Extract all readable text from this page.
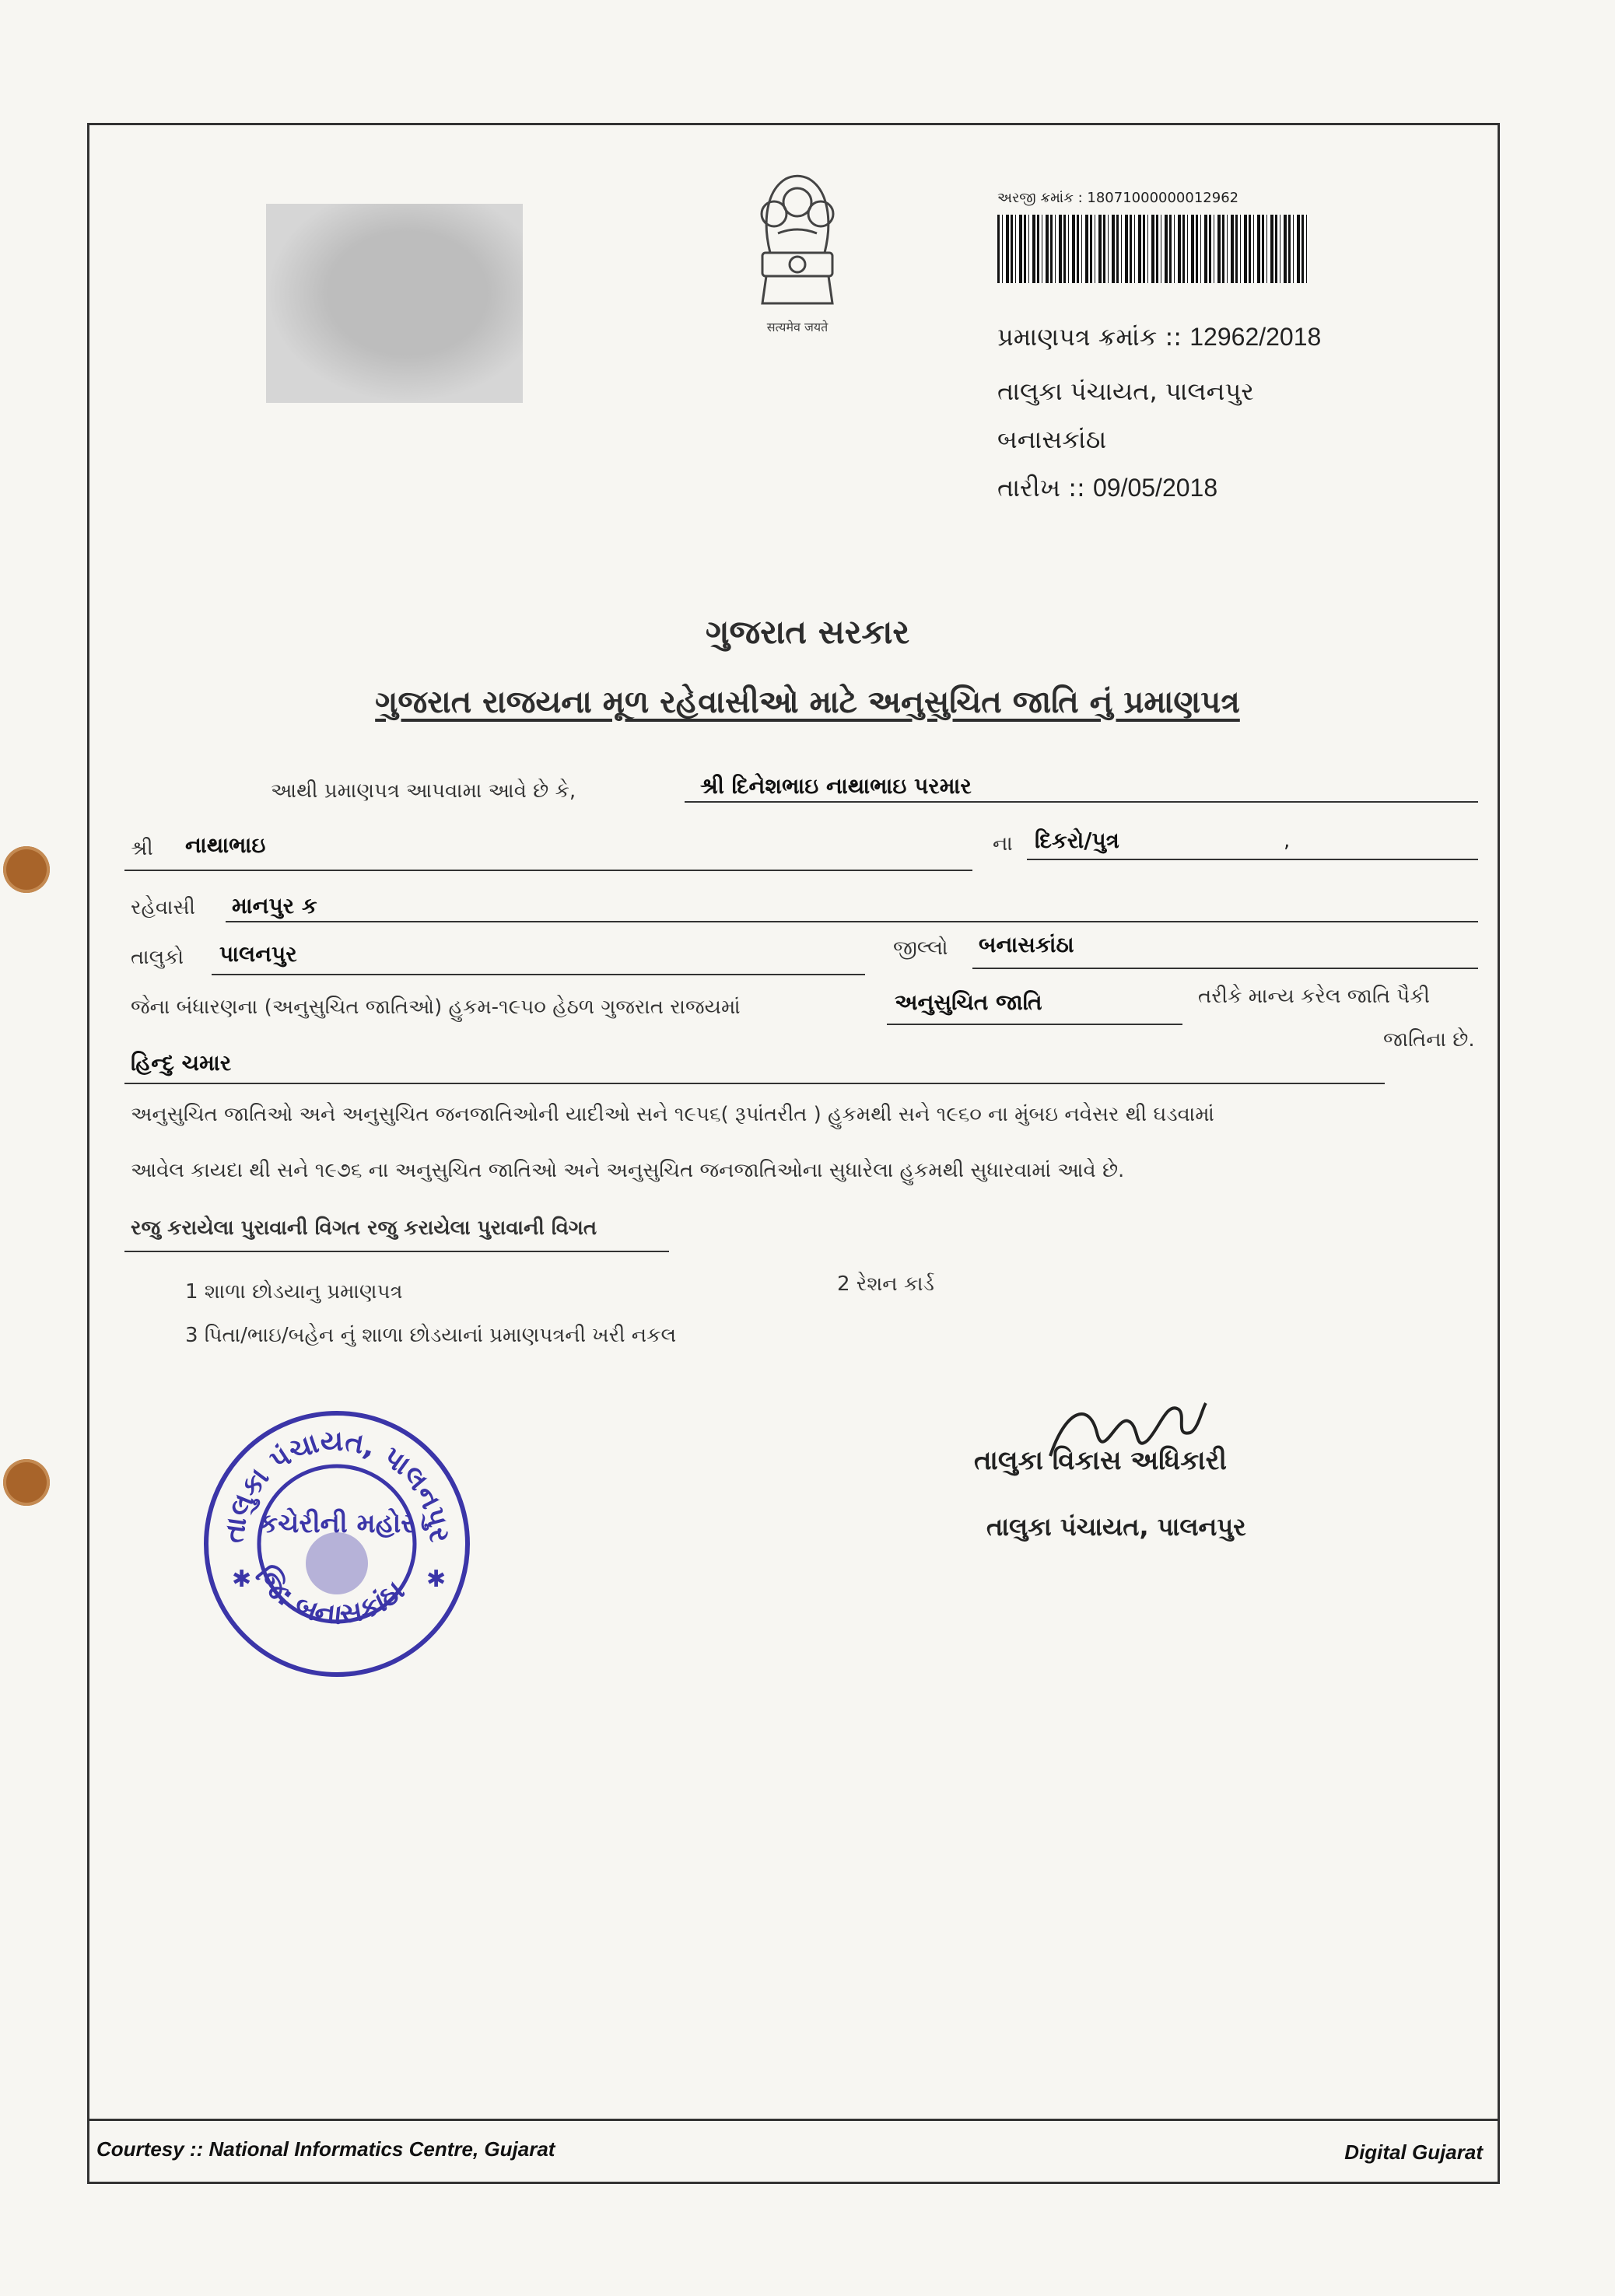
सत्यमेव जयते
અરજી ક્રમાંક : 18071000000012962
પ્રમાણપત્ર ક્રમાંક :: 12962/2018
તાલુકા પંચાયત, પાલનપુર
બનાસકાંઠા
તારીખ :: 09/05/2018
ગુજરાત સરકાર
ગુજરાત રાજયના મૂળ રહેવાસીઓ માટે અનુસુચિત જાતિ નું પ્રમાણપત્ર
આથી પ્રમાણપત્ર આપવામા આવે છે કે,	શ્રી દિનેશભાઇ નાથાભાઇ પરમાર
શ્રી નાથાભાઇ	ના દિકરો/પુત્ર	,
રહેવાસી માનપુર ક
તાલુકો પાલનપુર	જીલ્લો બનાસકાંઠા
જેના બંધારણના (અનુસુચિત જાતિઓ) હુકમ-૧૯૫૦ હેઠળ ગુજરાત રાજયમાં	અનુસુચિત જાતિ	તરીકે માન્ય કરેલ જાતિ પૈકી
હિન્દુ ચમાર
જાતિના છે.
અનુસુચિત જાતિઓ અને અનુસુચિત જનજાતિઓની યાદીઓ સને ૧૯૫૬( રૂપાંતરીત ) હુકમથી સને ૧૯૬૦ ના મુંબઇ નવેસર થી ઘડવામાં
આવેલ કાયદા થી સને ૧૯૭૬ ના અનુસુચિત જાતિઓ અને અનુસુચિત જનજાતિઓના સુધારેલા હુકમથી સુધારવામાં આવે છે.
રજુ કરાયેલા પુરાવાની વિગત રજુ કરાયેલા પુરાવાની વિગત
1 શાળા છોડયાનુ પ્રમાણપત્ર	2 રેશન કાર્ડ
3 પિતા/ભાઇ/બહેન નું શાળા છોડયાનાં પ્રમાણપત્રની ખરી નકલ
✱	✱
તાલુકા પંચાયત, પાલનપુર
જિ: બનાસકાંઠા
કચેરીની મહોર
તાલુકા વિકાસ અધિકારી
તાલુકા પંચાયત, પાલનપુર
Courtesy :: National Informatics Centre, Gujarat	Digital Gujarat
